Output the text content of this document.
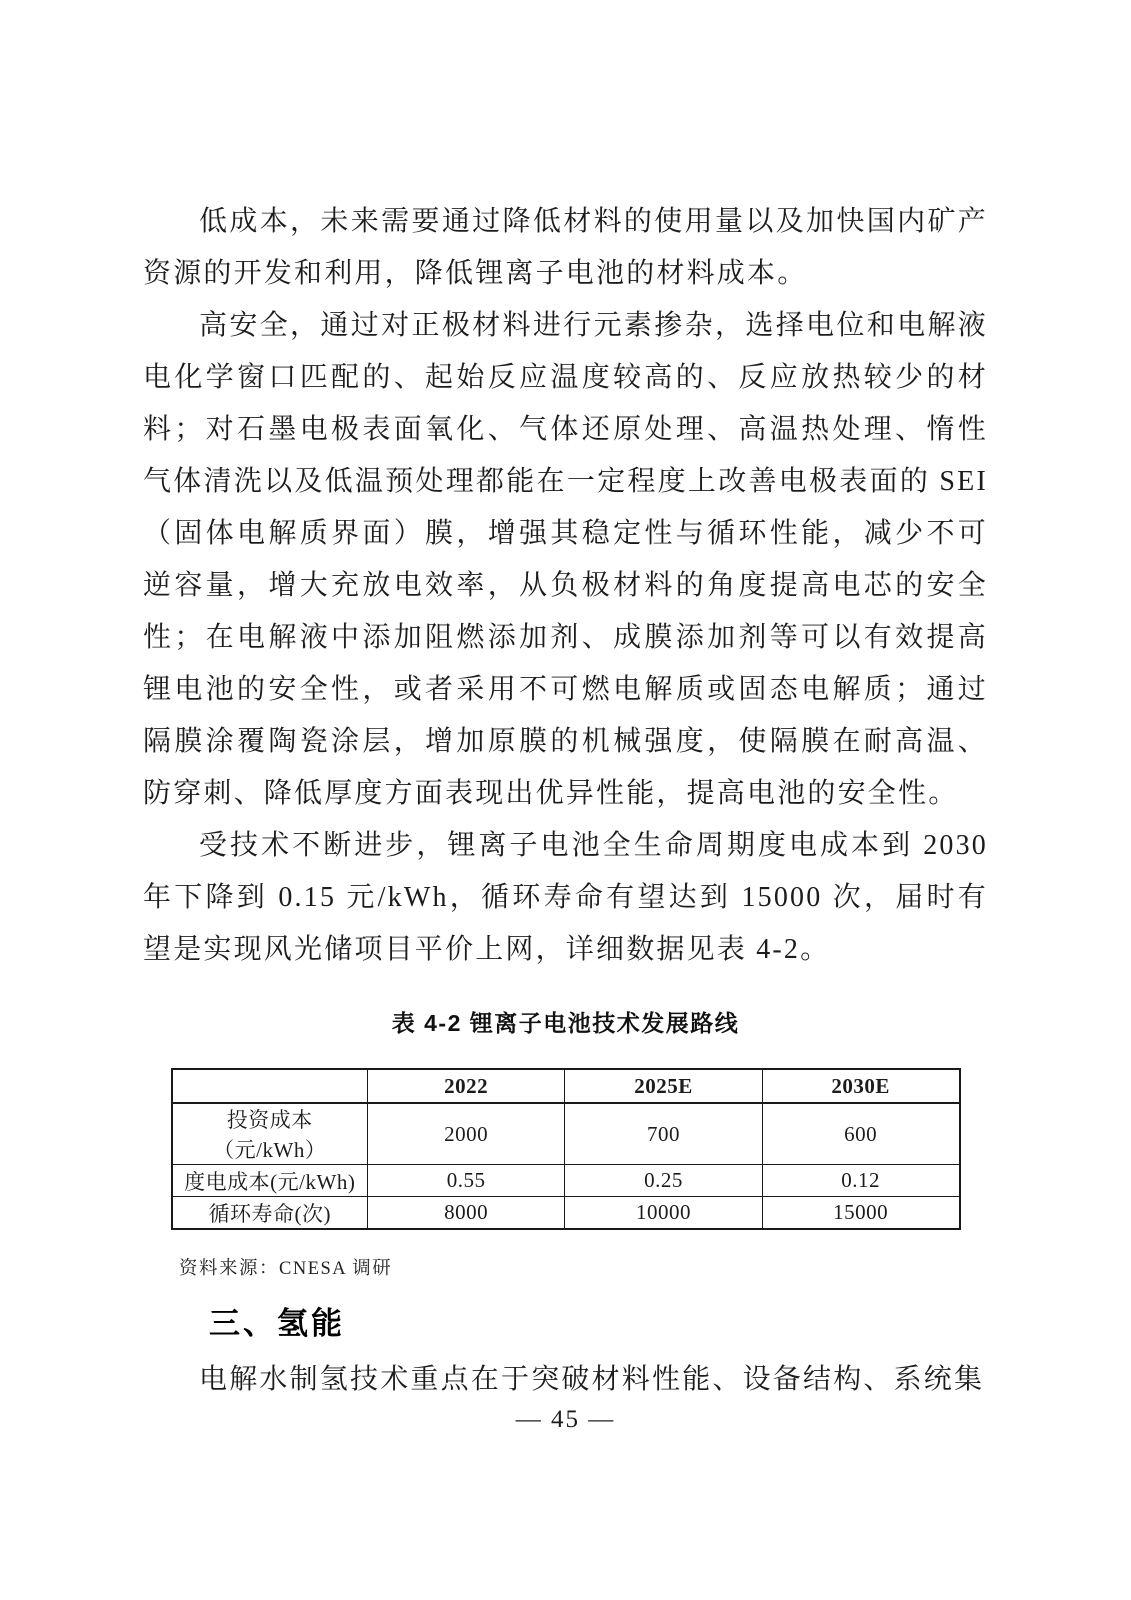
低成本，未来需要通过降低材料的使用量以及加快国内矿产资源的开发和利用，降低锂离子电池的材料成本。

高安全，通过对正极材料进行元素掺杂，选择电位和电解液电化学窗口匹配的、起始反应温度较高的、反应放热较少的材料；对石墨电极表面氧化、气体还原处理、高温热处理、惰性气体清洗以及低温预处理都能在一定程度上改善电极表面的 SEI（固体电解质界面）膜，增强其稳定性与循环性能，减少不可逆容量，增大充放电效率，从负极材料的角度提高电芯的安全性；在电解液中添加阻燃添加剂、成膜添加剂等可以有效提高锂电池的安全性，或者采用不可燃电解质或固态电解质；通过隔膜涂覆陶瓷涂层，增加原膜的机械强度，使隔膜在耐高温、防穿刺、降低厚度方面表现出优异性能，提高电池的安全性。

受技术不断进步，锂离子电池全生命周期度电成本到 2030 年下降到 0.15 元/kWh，循环寿命有望达到 15000 次，届时有望是实现风光储项目平价上网，详细数据见表 4-2。

表 4-2 锂离子电池技术发展路线
	2022	2025E	2030E
投资成本（元/kWh）	2000	700	600
度电成本(元/kWh)	0.55	0.25	0.12
循环寿命(次)	8000	10000	15000
资料来源：CNESA 调研
三、氢能

电解水制氢技术重点在于突破材料性能、设备结构、系统集

— 45 —
